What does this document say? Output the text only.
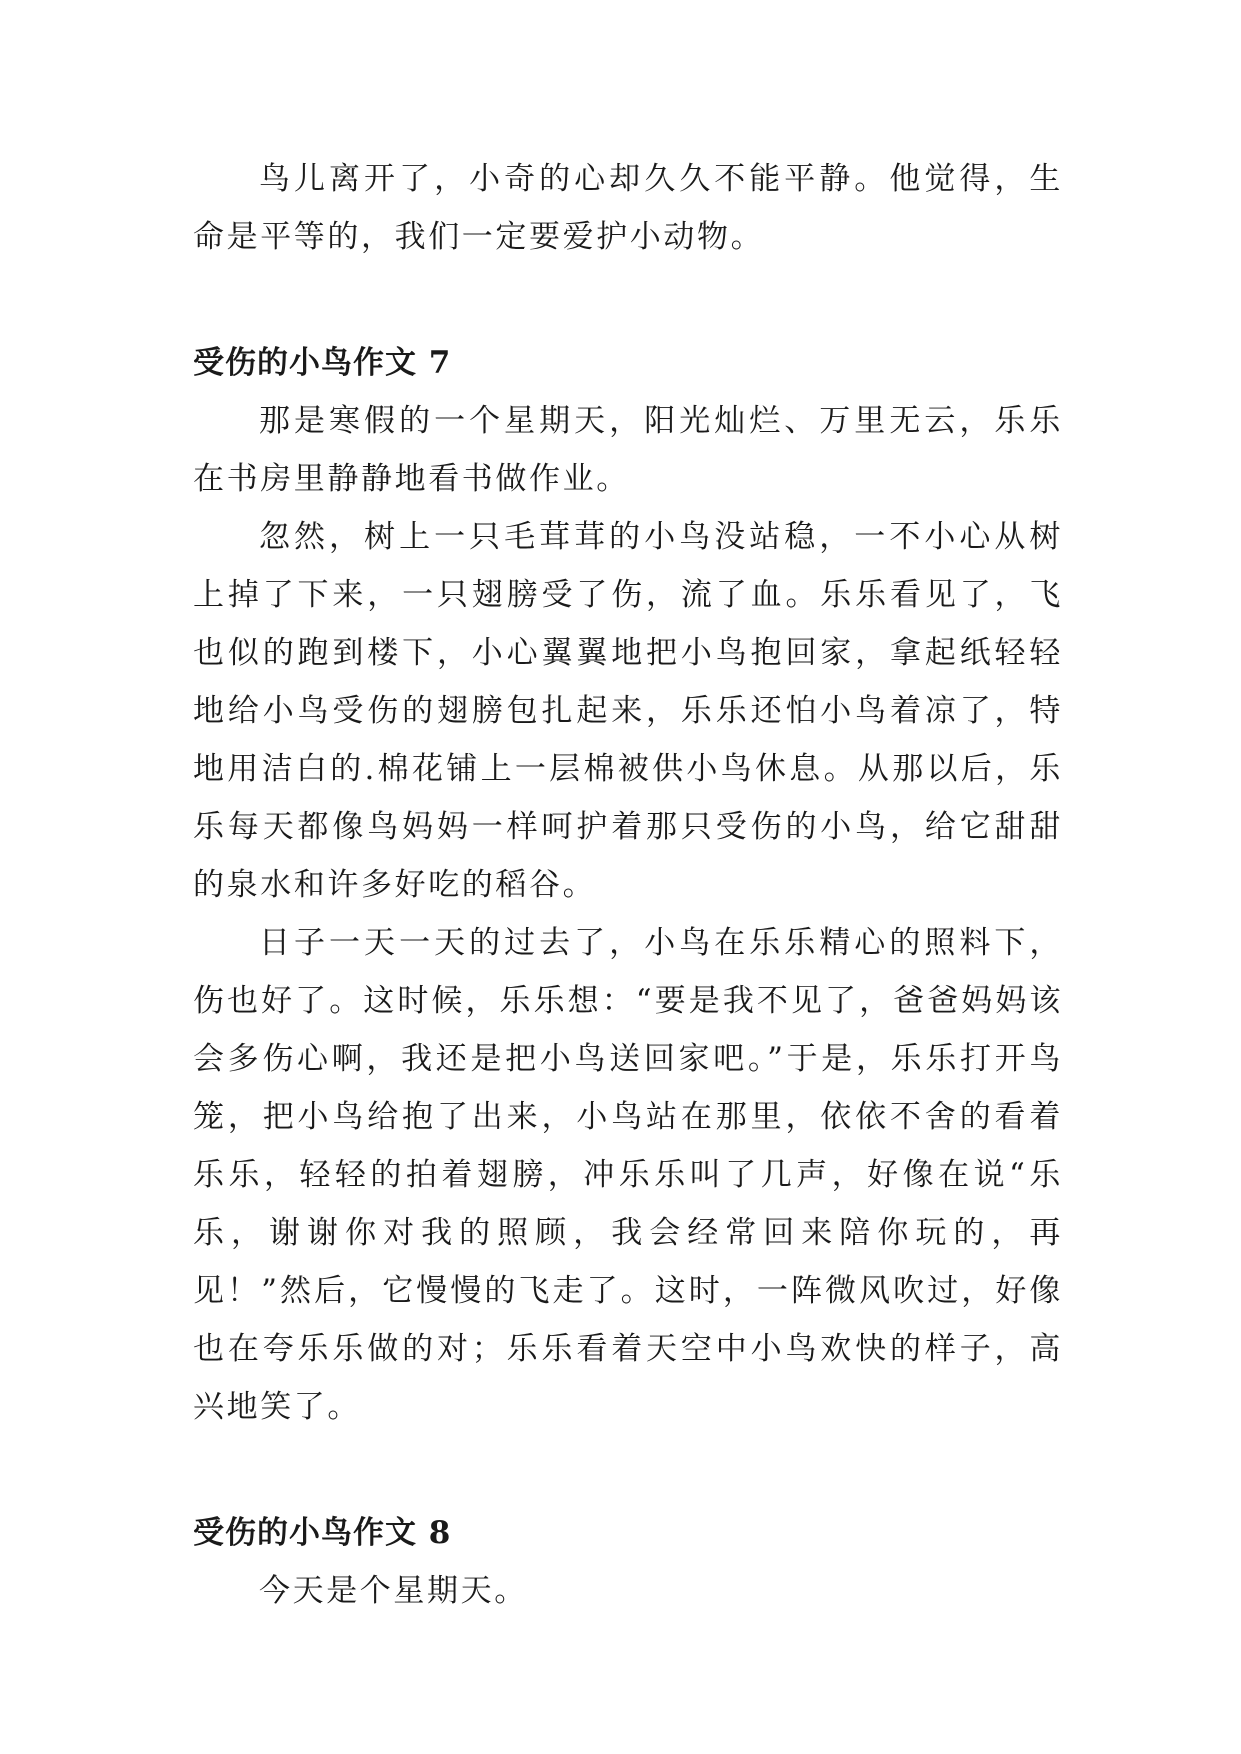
鸟儿离开了，小奇的心却久久不能平静。他觉得，生命是平等的，我们一定要爱护小动物。

受伤的小鸟作文 7

那是寒假的一个星期天，阳光灿烂、万里无云，乐乐在书房里静静地看书做作业。

忽然，树上一只毛茸茸的小鸟没站稳，一不小心从树上掉了下来，一只翅膀受了伤，流了血。乐乐看见了，飞也似的跑到楼下，小心翼翼地把小鸟抱回家，拿起纸轻轻地给小鸟受伤的翅膀包扎起来，乐乐还怕小鸟着凉了，特地用洁白的.棉花铺上一层棉被供小鸟休息。从那以后，乐乐每天都像鸟妈妈一样呵护着那只受伤的小鸟，给它甜甜的泉水和许多好吃的稻谷。

日子一天一天的过去了，小鸟在乐乐精心的照料下，伤也好了。这时候，乐乐想：“要是我不见了，爸爸妈妈该会多伤心啊，我还是把小鸟送回家吧。”于是，乐乐打开鸟笼，把小鸟给抱了出来，小鸟站在那里，依依不舍的看着乐乐，轻轻的拍着翅膀，冲乐乐叫了几声，好像在说“乐乐，谢谢你对我的照顾，我会经常回来陪你玩的，再见！”然后，它慢慢的飞走了。这时，一阵微风吹过，好像也在夸乐乐做的对；乐乐看着天空中小鸟欢快的样子，高兴地笑了。

受伤的小鸟作文 8

今天是个星期天。
